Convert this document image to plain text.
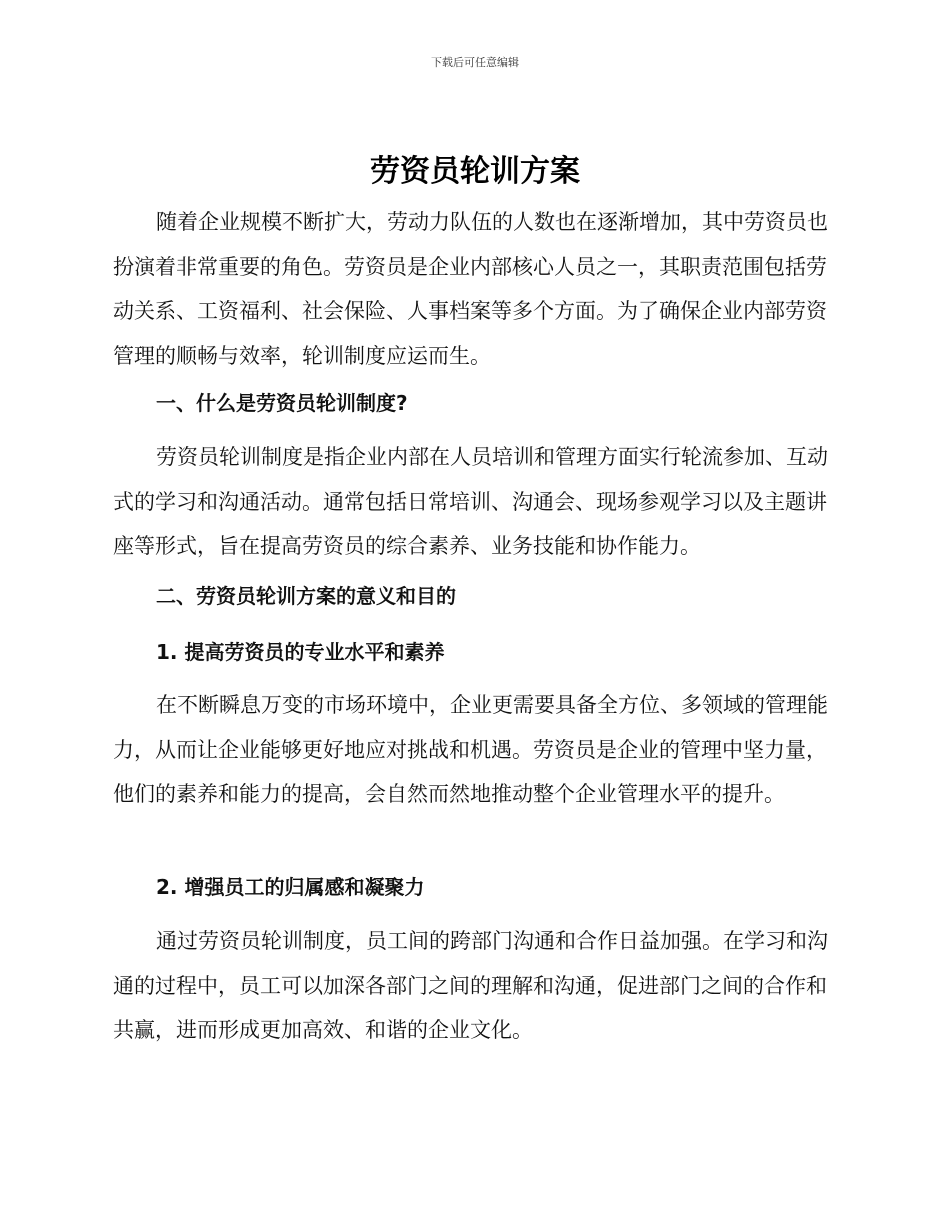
下载后可任意编辑
劳资员轮训方案

随着企业规模不断扩大，劳动力队伍的人数也在逐渐增加，其中劳资员也扮演着非常重要的角色。劳资员是企业内部核心人员之一，其职责范围包括劳动关系、工资福利、社会保险、人事档案等多个方面。为了确保企业内部劳资管理的顺畅与效率，轮训制度应运而生。

一、什么是劳资员轮训制度?

劳资员轮训制度是指企业内部在人员培训和管理方面实行轮流参加、互动式的学习和沟通活动。通常包括日常培训、沟通会、现场参观学习以及主题讲座等形式，旨在提高劳资员的综合素养、业务技能和协作能力。

二、劳资员轮训方案的意义和目的

1. 提高劳资员的专业水平和素养

在不断瞬息万变的市场环境中，企业更需要具备全方位、多领域的管理能力，从而让企业能够更好地应对挑战和机遇。劳资员是企业的管理中坚力量，他们的素养和能力的提高，会自然而然地推动整个企业管理水平的提升。

2. 增强员工的归属感和凝聚力

通过劳资员轮训制度，员工间的跨部门沟通和合作日益加强。在学习和沟通的过程中，员工可以加深各部门之间的理解和沟通，促进部门之间的合作和共赢，进而形成更加高效、和谐的企业文化。
